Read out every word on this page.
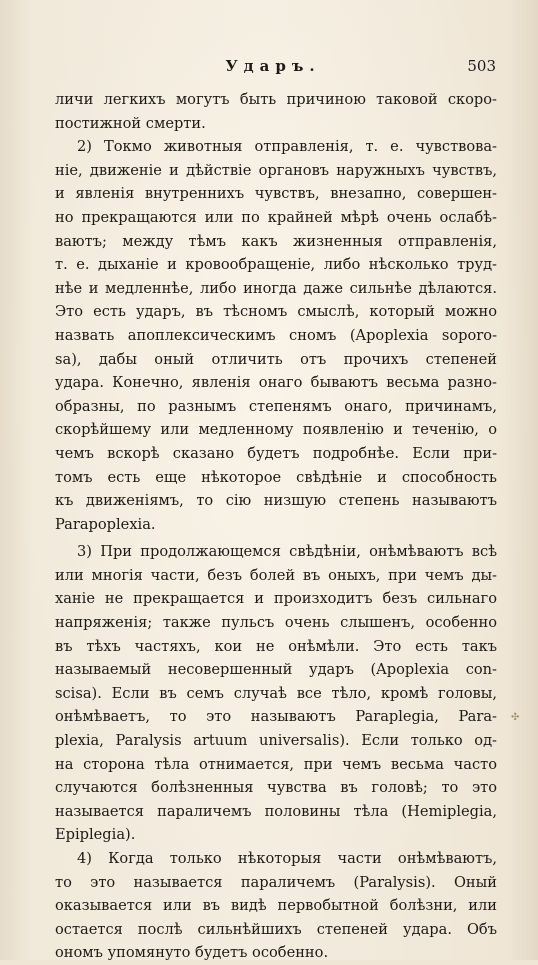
Ударъ.	503
личи легкихъ могутъ быть причиною таковой скоро-
постижной смерти.
2) Токмо животныя отправленія, т. е. чувствова-
ніе, движеніе и дѣйствіе органовъ наружныхъ чувствъ,
и явленія внутреннихъ чувствъ, внезапно, совершен-
но прекращаются или по крайней мѣрѣ очень ослабѣ-
ваютъ; между тѣмъ какъ жизненныя отправленія,
т. е. дыханіе и кровообращеніе, либо нѣсколько труд-
нѣе и медленнѣе, либо иногда даже сильнѣе дѣлаются.
Это есть ударъ, въ тѣсномъ смыслѣ, который можно
назвать апоплексическимъ сномъ (Apoplexia sopоrо-
sa), дабы оный отличить отъ прочихъ степеней
удара. Конечно, явленія онаго бываютъ весьма разно-
образны, по разнымъ степенямъ онаго, причинамъ,
скорѣйшему или медленному появленію и теченію, о
чемъ вскорѣ сказано будетъ подробнѣе. Если при-
томъ есть еще нѣкоторое свѣдѣніе и способность
къ движеніямъ, то сію низшую степень называютъ
Parapoplexia.
3) При продолжающемся свѣдѣніи, онѣмѣваютъ всѣ
или многія части, безъ болей въ оныхъ, при чемъ ды-
ханіе не прекращается и произходитъ безъ сильнаго
напряженія; также пульсъ очень слышенъ, особенно
въ тѣхъ частяхъ, кои не онѣмѣли. Это есть такъ
называемый несовершенный ударъ (Apoplexia con-
scisa). Если въ семъ случаѣ все тѣло, кромѣ головы,
онѣмѣваетъ, то это называютъ Paraplegia, Para-
plexia, Paralysis artuum universalis). Если только од-
на сторона тѣла отнимается, при чемъ весьма часто
случаются болѣзненныя чувства въ головѣ; то это
называется параличемъ половины тѣла (Hemiplegia,
Epiplegia).
4) Когда только нѣкоторыя части онѣмѣваютъ,
то это называется параличемъ (Paralysis). Оный
оказывается или въ видѣ первобытной болѣзни, или
остается послѣ сильнѣйшихъ степеней удара. Объ
ономъ упомянуто будетъ особенно.
✣
